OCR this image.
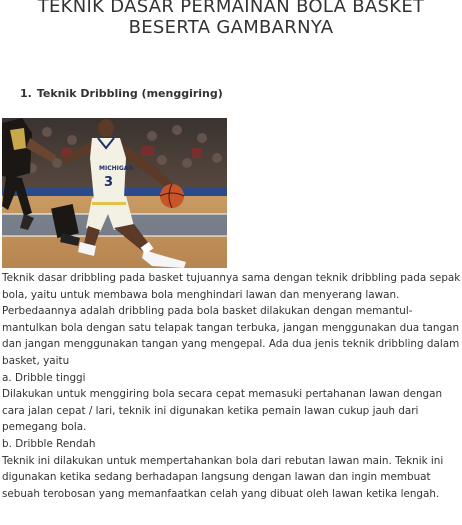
TEKNIK DASAR PERMAINAN BOLA BASKET
BESERTA GAMBARNYA
1. Teknik Dribbling (menggiring)
MICHIGAN
3

Teknik dasar dribbling pada basket tujuannya sama dengan teknik dribbling pada sepak bola, yaitu untuk membawa bola menghindari lawan dan menyerang lawan. Perbedaannya adalah dribbling pada bola basket dilakukan dengan memantul-mantulkan bola dengan satu telapak tangan terbuka, jangan menggunakan dua tangan dan jangan menggunakan tangan yang mengepal. Ada dua jenis teknik dribbling dalam basket, yaitu

a. Dribble tinggi

Dilakukan untuk menggiring bola secara cepat memasuki pertahanan lawan dengan cara jalan cepat / lari, teknik ini digunakan ketika pemain lawan cukup jauh dari pemegang bola.

b. Dribble Rendah

Teknik ini dilakukan untuk mempertahankan bola dari rebutan lawan main. Teknik ini digunakan ketika sedang berhadapan langsung dengan lawan dan ingin membuat sebuah terobosan yang memanfaatkan celah yang dibuat oleh lawan ketika lengah.
